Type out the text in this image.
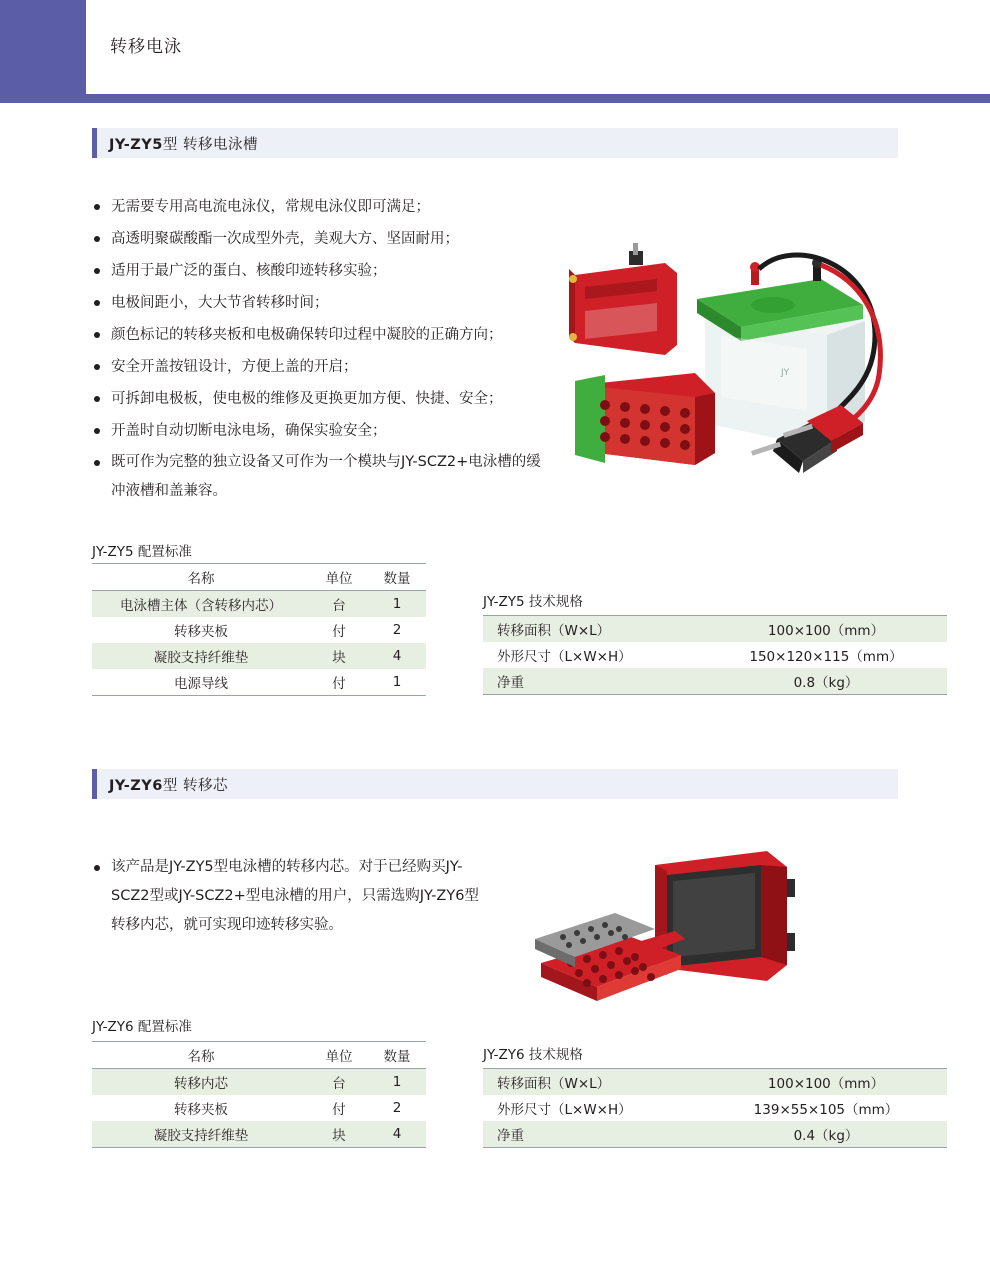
转移电泳
JY-ZY5型 转移电泳槽
无需要专用高电流电泳仪，常规电泳仪即可满足；
高透明聚碳酸酯一次成型外壳，美观大方、坚固耐用；
适用于最广泛的蛋白、核酸印迹转移实验；
电极间距小，大大节省转移时间；
颜色标记的转移夹板和电极确保转印过程中凝胶的正确方向；
安全开盖按钮设计，方便上盖的开启；
可拆卸电极板，使电极的维修及更换更加方便、快捷、安全；
开盖时自动切断电泳电场，确保实验安全；
既可作为完整的独立设备又可作为一个模块与JY-SCZ2+电泳槽的缓冲液槽和盖兼容。
JY
JY-ZY5 配置标准
名称	单位	数量
电泳槽主体（含转移内芯）	台	1
转移夹板	付	2
凝胶支持纤维垫	块	4
电源导线	付	1
JY-ZY5 技术规格
转移面积（W×L）	100×100（mm）
外形尺寸（L×W×H）	150×120×115（mm）
净重	0.8（kg）
JY-ZY6型 转移芯
该产品是JY-ZY5型电泳槽的转移内芯。对于已经购买JY-SCZ2型或JY-SCZ2+型电泳槽的用户，只需选购JY-ZY6型转移内芯，就可实现印迹转移实验。
JY-ZY6 配置标准
名称	单位	数量
转移内芯	台	1
转移夹板	付	2
凝胶支持纤维垫	块	4
JY-ZY6 技术规格
转移面积（W×L）	100×100（mm）
外形尺寸（L×W×H）	139×55×105（mm）
净重	0.4（kg）
